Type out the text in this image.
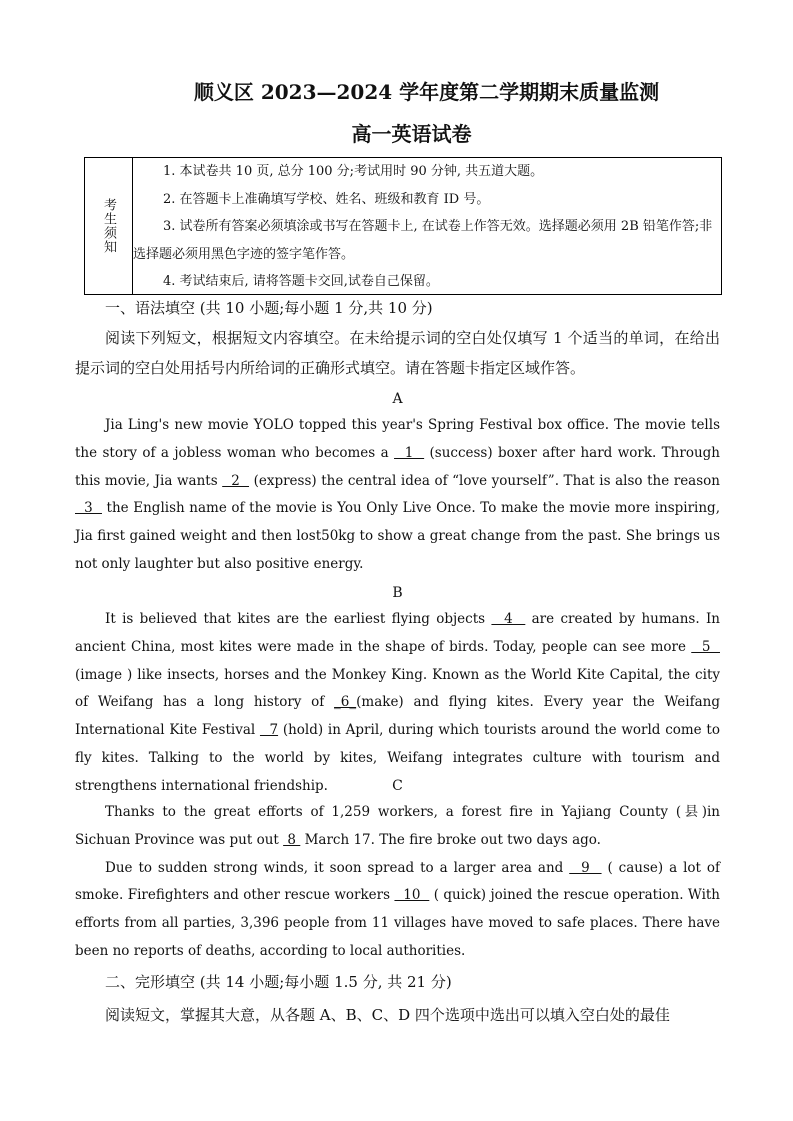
顺义区 2023—2024 学年度第二学期期末质量监测
高一英语试卷
考生须知

1. 本试卷共 10 页, 总分 100 分;考试用时 90 分钟, 共五道大题。

2. 在答题卡上准确填写学校、姓名、班级和教育 ID 号。

3. 试卷所有答案必须填涂或书写在答题卡上, 在试卷上作答无效。选择题必须用 2B 铅笔作答;非选择题必须用黑色字迹的签字笔作答。

4. 考试结束后, 请将答题卡交回,试卷自己保留。

一、语法填空 (共 10 小题;每小题 1 分,共 10 分)
阅读下列短文，根据短文内容填空。在未给提示词的空白处仅填写 1 个适当的单词，在给出提示词的空白处用括号内所给词的正确形式填空。请在答题卡指定区域作答。
A
Jia Ling's new movie YOLO topped this year's Spring Festival box office. The movie tells the story of a jobless woman who becomes a   1   (success) boxer after hard work. Through this movie, Jia wants   2   (express) the central idea of “love yourself”. That is also the reason   3   the English name of the movie is You Only Live Once. To make the movie more inspiring, Jia first gained weight and then lost50kg to show a great change from the past. She brings us not only laughter but also positive energy.
B
It is believed that kites are the earliest flying objects   4   are created by humans. In ancient China, most kites were made in the shape of birds. Today, people can see more   5   (image ) like insects, horses and the Monkey King. Known as the World Kite Capital, the city of Weifang has a long history of _6_(make) and flying kites. Every year the Weifang International Kite Festival   7 (hold) in April, during which tourists around the world come to fly kites. Talking to the world by kites, Weifang integrates culture with tourism and strengthens international friendship.	C

Thanks to the great efforts of 1,259 workers, a forest fire in Yajiang County (县)in Sichuan Province was put out  8  March 17. The fire broke out two days ago.

Due to sudden strong winds, it soon spread to a larger area and   9   ( cause) a lot of smoke. Firefighters and other rescue workers   10   ( quick) joined the rescue operation. With efforts from all parties, 3,396 people from 11 villages have moved to safe places. There have been no reports of deaths, according to local authorities.

二、完形填空 (共 14 小题;每小题 1.5 分, 共 21 分)
阅读短文，掌握其大意，从各题 A、B、C、D 四个选项中选出可以填入空白处的最佳
